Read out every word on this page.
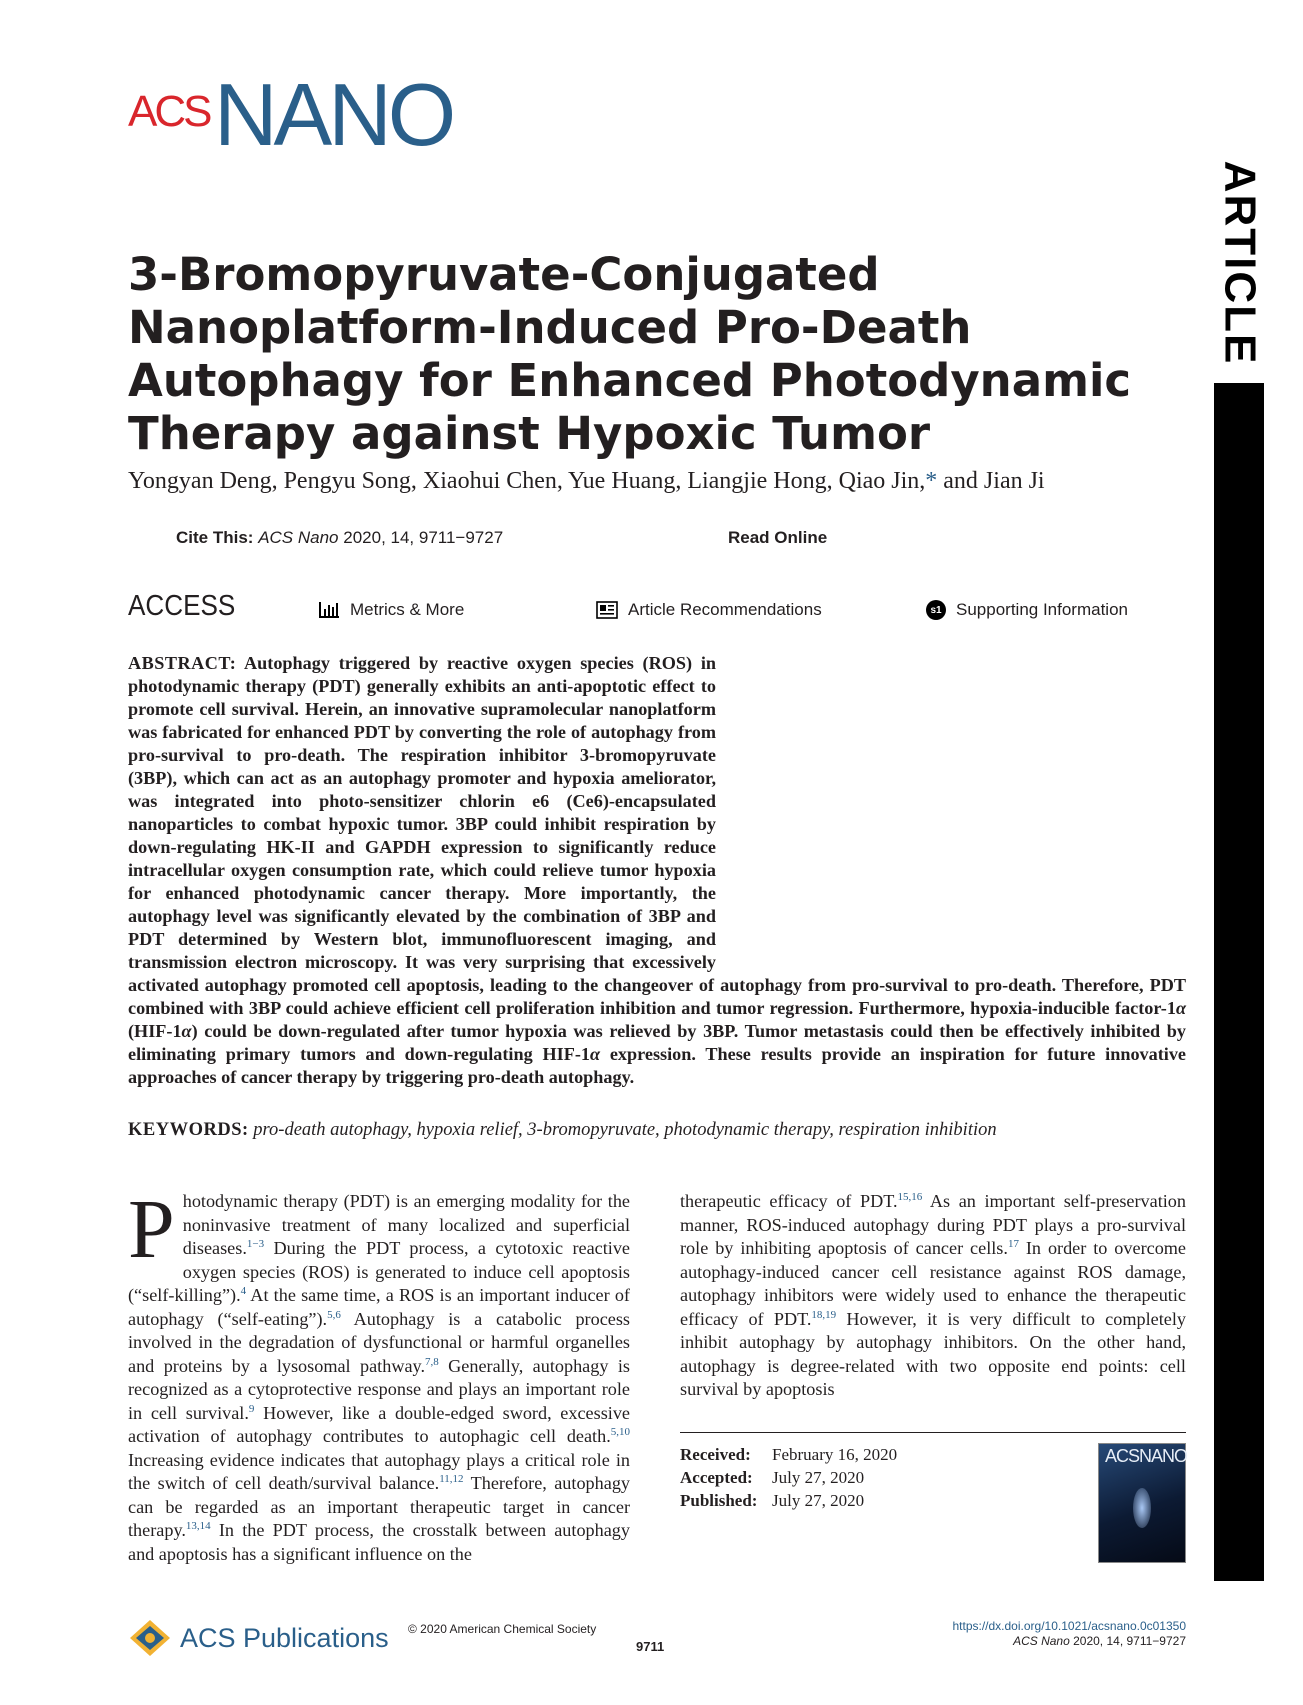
ACS NANO
ARTICLE
3-Bromopyruvate-Conjugated Nanoplatform-Induced Pro-Death Autophagy for Enhanced Photodynamic Therapy against Hypoxic Tumor
Yongyan Deng, Pengyu Song, Xiaohui Chen, Yue Huang, Liangjie Hong, Qiao Jin,* and Jian Ji
Cite This: ACS Nano 2020, 14, 9711−9727	Read Online
ACCESS	Metrics & More	Article Recommendations	s1 Supporting Information

ABSTRACT: Autophagy triggered by reactive oxygen species (ROS) in photodynamic therapy (PDT) generally exhibits an anti-apoptotic effect to promote cell survival. Herein, an innovative supramolecular nanoplatform was fabricated for enhanced PDT by converting the role of autophagy from pro-survival to pro-death. The respiration inhibitor 3-bromopyruvate (3BP), which can act as an autophagy promoter and hypoxia ameliorator, was integrated into photo-sensitizer chlorin e6 (Ce6)-encapsulated nanoparticles to combat hypoxic tumor. 3BP could inhibit respiration by down-regulating HK-II and GAPDH expression to significantly reduce intracellular oxygen consumption rate, which could relieve tumor hypoxia for enhanced photodynamic cancer therapy. More importantly, the autophagy level was significantly elevated by the combination of 3BP and PDT determined by Western blot, immunofluorescent imaging, and transmission electron microscopy. It was very surprising that excessively activated autophagy promoted cell apoptosis, leading to the changeover of autophagy from pro-survival to pro-death. Therefore, PDT combined with 3BP could achieve efficient cell proliferation inhibition and tumor regression. Furthermore, hypoxia-inducible factor-1α (HIF-1α) could be down-regulated after tumor hypoxia was relieved by 3BP. Tumor metastasis could then be effectively inhibited by eliminating primary tumors and down-regulating HIF-1α expression. These results provide an inspiration for future innovative approaches of cancer therapy by triggering pro-death autophagy.

KEYWORDS: pro-death autophagy, hypoxia relief, 3-bromopyruvate, photodynamic therapy, respiration inhibition

Photodynamic therapy (PDT) is an emerging modality for the noninvasive treatment of many localized and superficial diseases.$^{1-3}$ During the PDT process, a cytotoxic reactive oxygen species (ROS) is generated to induce cell apoptosis (“self-killing”).$^4$ At the same time, a ROS is an important inducer of autophagy (“self-eating”).$^{5,6}$ Autophagy is a catabolic process involved in the degradation of dysfunctional or harmful organelles and proteins by a lysosomal pathway.$^{7,8}$ Generally, autophagy is recognized as a cytoprotective response and plays an important role in cell survival.$^9$ However, like a double-edged sword, excessive activation of autophagy contributes to autophagic cell death.$^{5,10}$ Increasing evidence indicates that autophagy plays a critical role in the switch of cell death/survival balance.$^{11,12}$ Therefore, autophagy can be regarded as an important therapeutic target in cancer therapy.$^{13,14}$ In the PDT process, the crosstalk between autophagy and apoptosis has a significant influence on the

therapeutic efficacy of PDT.$^{15,16}$ As an important self-preservation manner, ROS-induced autophagy during PDT plays a pro-survival role by inhibiting apoptosis of cancer cells.$^{17}$ In order to overcome autophagy-induced cancer cell resistance against ROS damage, autophagy inhibitors were widely used to enhance the therapeutic efficacy of PDT.$^{18,19}$ However, it is very difficult to completely inhibit autophagy by autophagy inhibitors. On the other hand, autophagy is degree-related with two opposite end points: cell survival by apoptosis

Received:	February 16, 2020
Accepted:	July 27, 2020
Published: July 27, 2020
ACSNANO
ACS Publications © 2020 American Chemical Society
9711
https://dx.doi.org/10.1021/acsnano.0c01350
ACS Nano 2020, 14, 9711−9727
